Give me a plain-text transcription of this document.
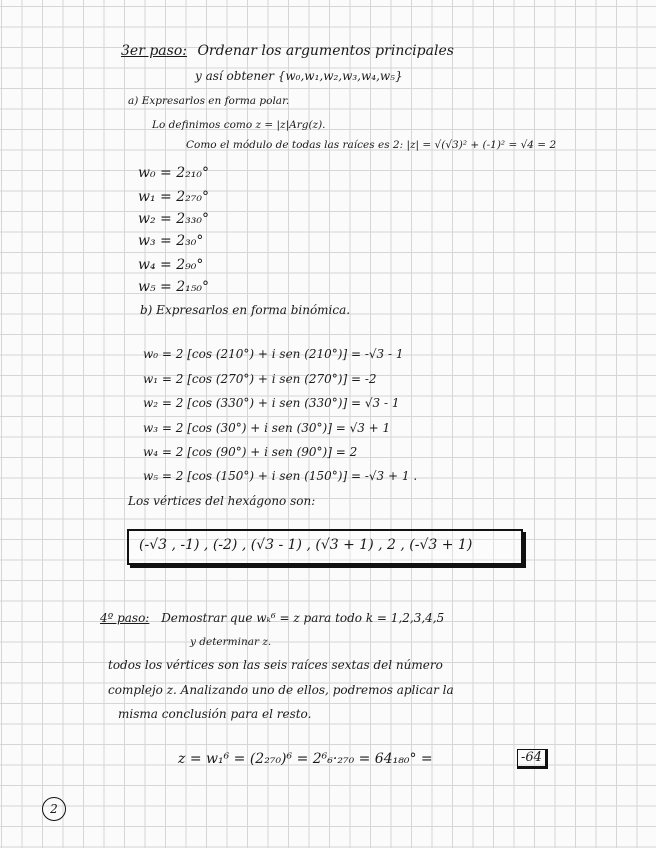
3er paso: Ordenar los argumentos principales
y así obtener {w₀,w₁,w₂,w₃,w₄,w₅}
a) Expresarlos en forma polar.
Lo definimos como z = |z|Arg(z).
Como el módulo de todas las raíces es 2: |z| = √(√3)² + (-1)² = √4 = 2
w₀ = 2₂₁₀°
w₁ = 2₂₇₀°
w₂ = 2₃₃₀°
w₃ = 2₃₀°
w₄ = 2₉₀°
w₅ = 2₁₅₀°
b) Expresarlos en forma binómica.
w₀ = 2 [cos (210°) + i sen (210°)] = -√3 - 1
w₁ = 2 [cos (270°) + i sen (270°)] = -2
w₂ = 2 [cos (330°) + i sen (330°)] = √3 - 1
w₃ = 2 [cos (30°) + i sen (30°)] = √3 + 1
w₄ = 2 [cos (90°) + i sen (90°)] = 2
w₅ = 2 [cos (150°) + i sen (150°)] = -√3 + 1 .
Los vértices del hexágono son:
(-√3 , -1) , (-2) , (√3 - 1) , (√3 + 1) , 2 , (-√3 + 1)
4º paso: Demostrar que wₖ⁶ = z para todo k = 1,2,3,4,5
y determinar z.
todos los vértices son las seis raíces sextas del número
complejo z. Analizando uno de ellos, podremos aplicar la
misma conclusión para el resto.
z = w₁⁶ = (2₂₇₀)⁶ = 2⁶₆·₂₇₀ = 64₁₈₀° =	-64
2
